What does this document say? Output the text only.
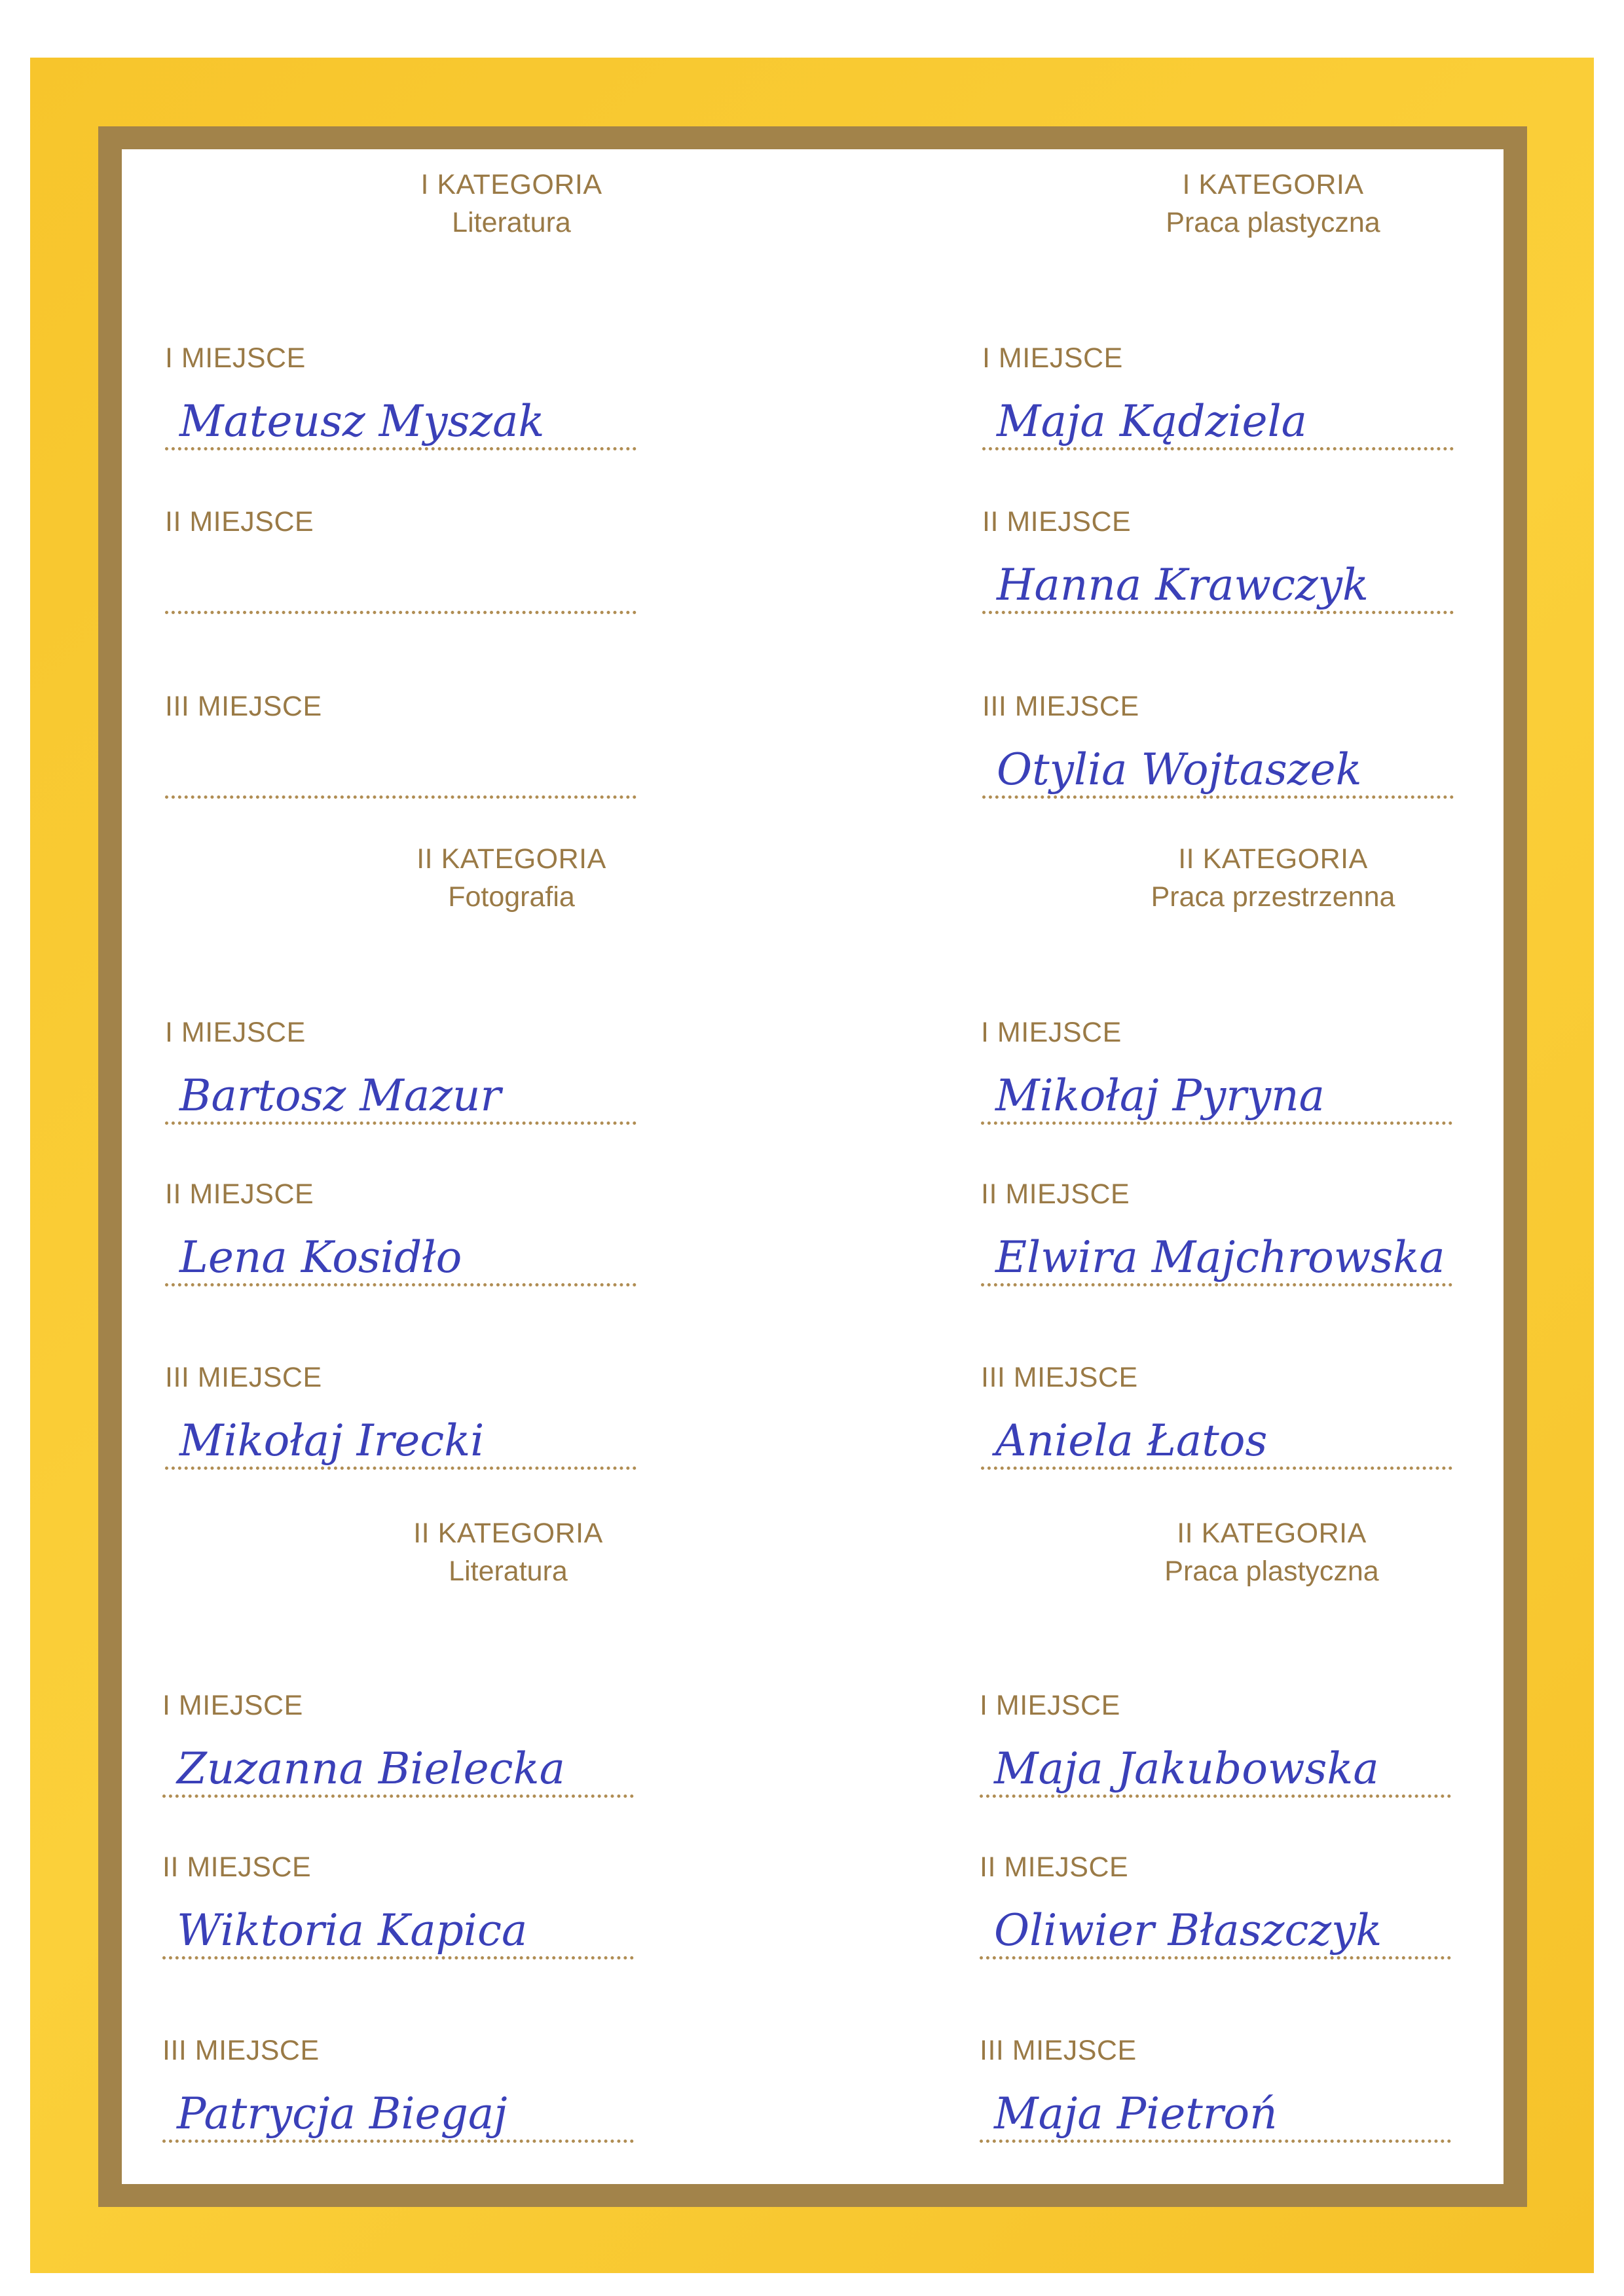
I KATEGORIA
Literatura
I MIEJSCE
Mateusz Myszak
II MIEJSCE
III MIEJSCE
II KATEGORIA
Fotografia
I MIEJSCE
Bartosz Mazur
II MIEJSCE
Lena Kosidło
III MIEJSCE
Mikołaj Irecki
II KATEGORIA
Literatura
I MIEJSCE
Zuzanna Bielecka
II MIEJSCE
Wiktoria Kapica
III MIEJSCE
Patrycja Biegaj
I KATEGORIA
Praca plastyczna
I MIEJSCE
Maja Kądziela
II MIEJSCE
Hanna Krawczyk
III MIEJSCE
Otylia Wojtaszek
II KATEGORIA
Praca przestrzenna
I MIEJSCE
Mikołaj Pyryna
II MIEJSCE
Elwira Majchrowska
III MIEJSCE
Aniela Łatos
II KATEGORIA
Praca plastyczna
I MIEJSCE
Maja Jakubowska
II MIEJSCE
Oliwier Błaszczyk
III MIEJSCE
Maja Pietroń
